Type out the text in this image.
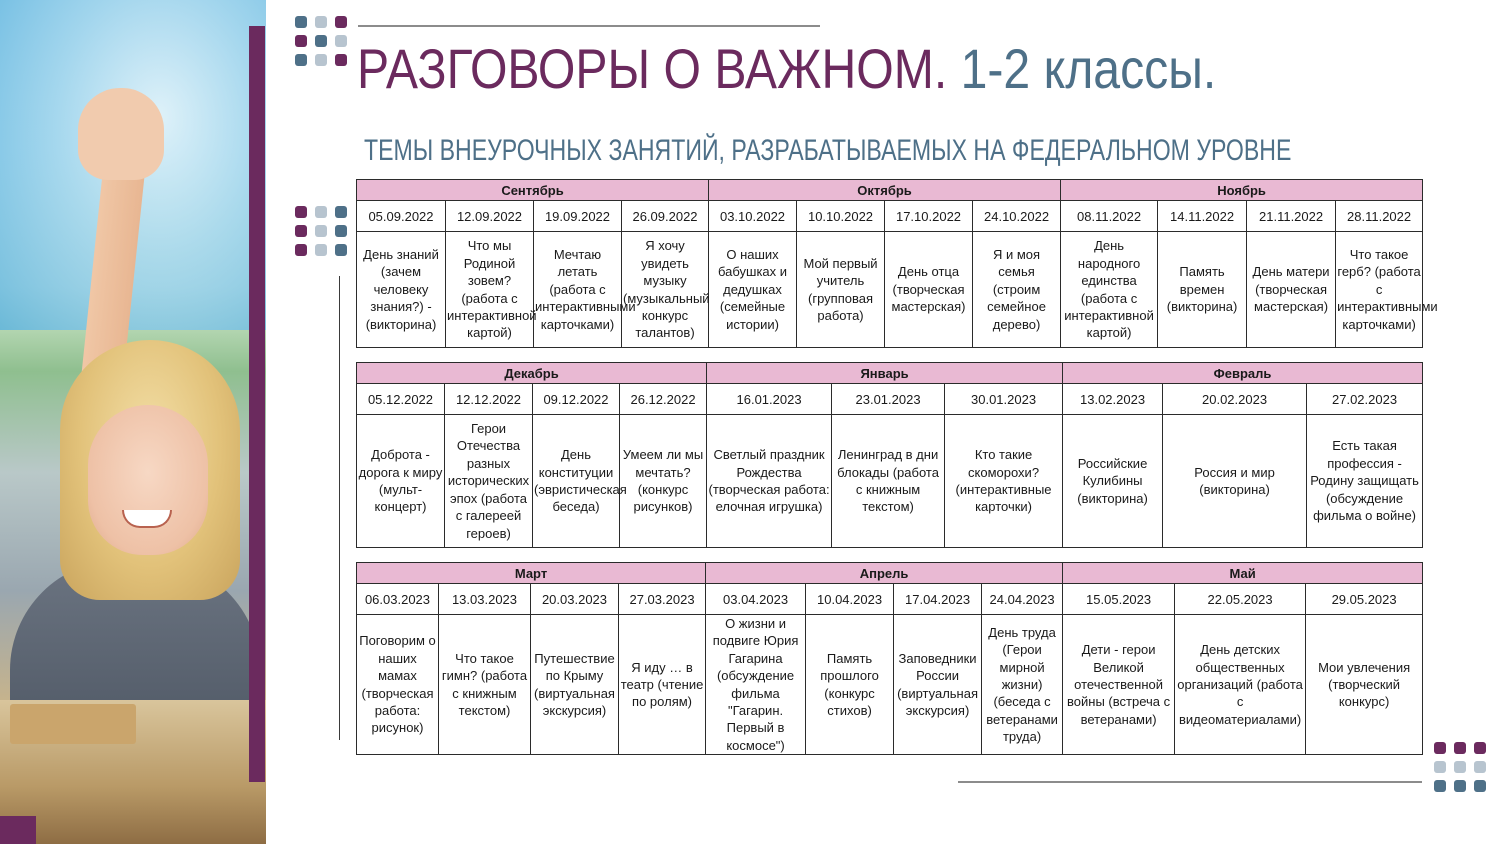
РАЗГОВОРЫ О ВАЖНОМ. 1-2 классы.
ТЕМЫ ВНЕУРОЧНЫХ ЗАНЯТИЙ, РАЗРАБАТЫВАЕМЫХ НА ФЕДЕРАЛЬНОМ УРОВНЕ
Сентябрь				Октябрь				Ноябрь			
05.09.2022	12.09.2022	19.09.2022	26.09.2022	03.10.2022	10.10.2022	17.10.2022	24.10.2022	08.11.2022	14.11.2022	21.11.2022	28.11.2022
День знаний (зачем человеку знания?) - (викторина)	Что мы Родиной зовем? (работа с интерактивной картой)	Мечтаю летать (работа с интерактивными карточками)	Я хочу увидеть музыку (музыкальный конкурс талантов)	О наших бабушках и дедушках (семейные истории)	Мой первый учитель (групповая работа)	День отца (творческая мастерская)	Я и моя семья (строим семейное дерево)	День народного единства (работа с интерактивной картой)	Память времен (викторина)	День матери (творческая мастерская)	Что такое герб? (работа с интерактивными карточками)
Декабрь				Январь			Февраль		
05.12.2022	12.12.2022	09.12.2022	26.12.2022	16.01.2023	23.01.2023	30.01.2023	13.02.2023	20.02.2023	27.02.2023
Доброта - дорога к миру (мульт-концерт)	Герои Отечества разных исторических эпох (работа с галереей героев)	День конституции (эвристическая беседа)	Умеем ли мы мечтать? (конкурс рисунков)	Светлый праздник Рождества (творческая работа: елочная игрушка)	Ленинград в дни блокады (работа с книжным текстом)	Кто такие скоморохи? (интерактивные карточки)	Российские Кулибины (викторина)	Россия и мир (викторина)	Есть такая профессия - Родину защищать (обсуждение фильма о войне)
Март				Апрель				Май		
06.03.2023	13.03.2023	20.03.2023	27.03.2023	03.04.2023	10.04.2023	17.04.2023	24.04.2023	15.05.2023	22.05.2023	29.05.2023
Поговорим о наших мамах (творческая работа: рисунок)	Что такое гимн? (работа с книжным текстом)	Путешествие по Крыму (виртуальная экскурсия)	Я иду … в театр (чтение по ролям)	О жизни и подвиге Юрия Гагарина (обсуждение фильма "Гагарин. Первый в космосе")	Память прошлого (конкурс стихов)	Заповедники России (виртуальная экскурсия)	День труда (Герои мирной жизни) (беседа с ветеранами труда)	Дети - герои Великой отечественной войны (встреча с ветеранами)	День детских общественных организаций (работа с видеоматериалами)	Мои увлечения (творческий конкурс)
